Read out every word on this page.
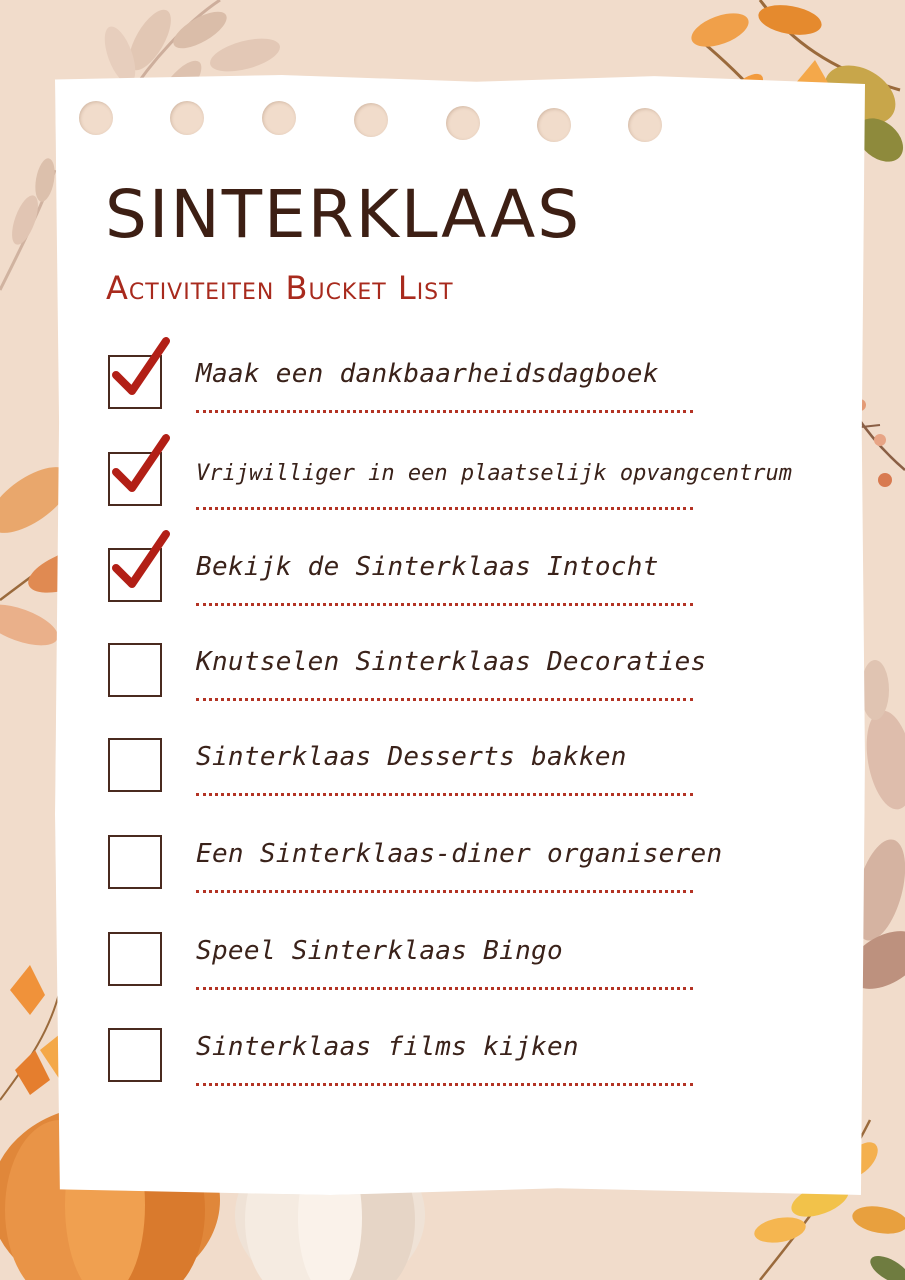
SINTERKLAAS
Activiteiten Bucket List
Maak een dankbaarheidsdagboek
Vrijwilliger in een plaatselijk opvangcentrum
Bekijk de Sinterklaas Intocht
Knutselen Sinterklaas Decoraties
Sinterklaas Desserts bakken
Een Sinterklaas-diner organiseren
Speel Sinterklaas Bingo
Sinterklaas films kijken
